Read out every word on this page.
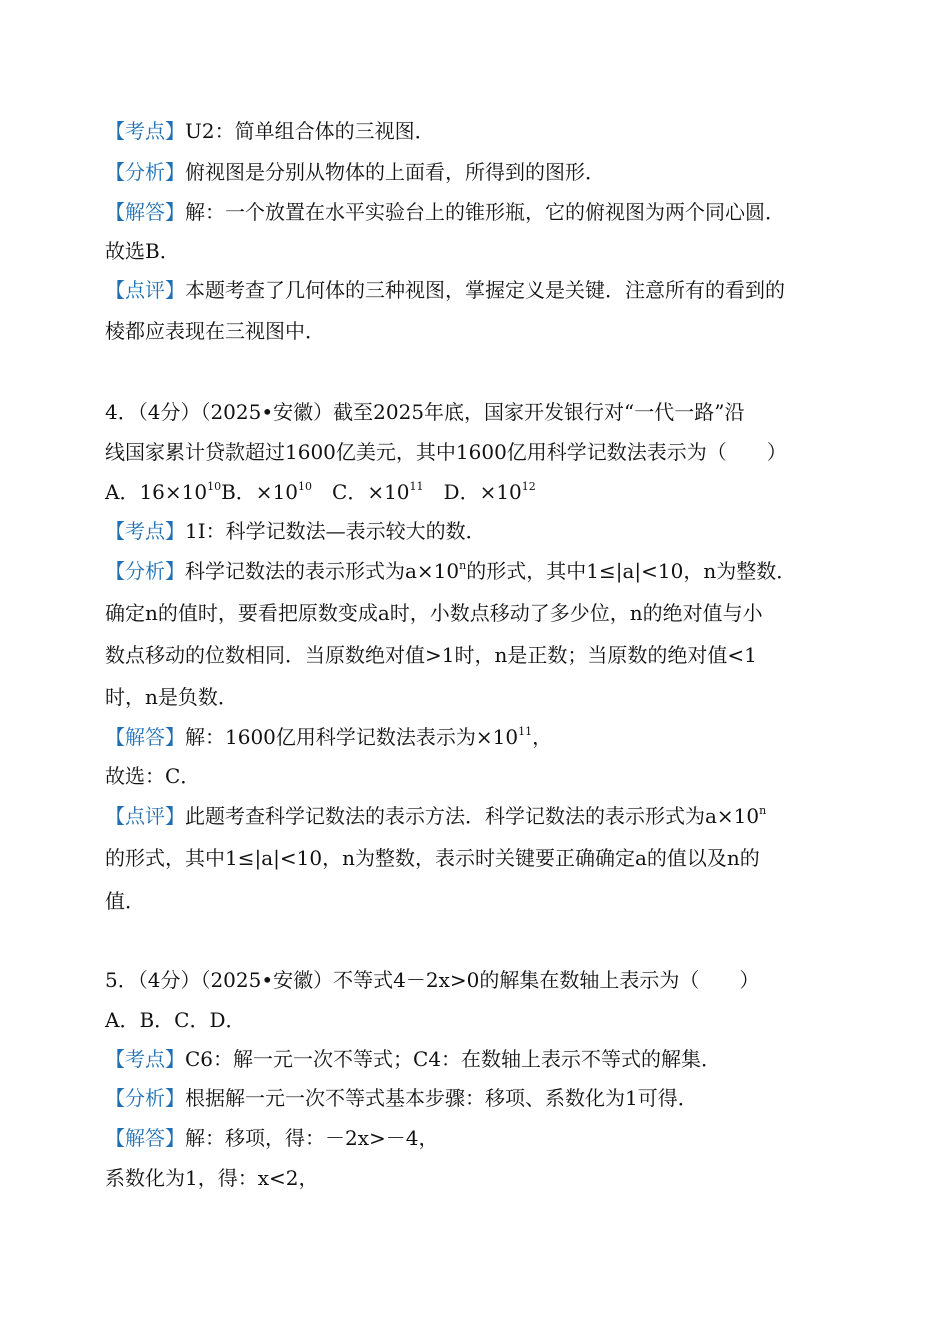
【考点】U2：简单组合体的三视图．
【分析】俯视图是分别从物体的上面看，所得到的图形．
【解答】解：一个放置在水平实验台上的锥形瓶，它的俯视图为两个同心圆．
故选B．
【点评】本题考查了几何体的三种视图，掌握定义是关键．注意所有的看到的
棱都应表现在三视图中．
4．（4分）（2025•安徽）截至2025年底，国家开发银行对“一代一路”沿
线国家累计贷款超过1600亿美元，其中1600亿用科学记数法表示为（　　）
A．$16\times 10^{10}B$．$\times 10^{10}$　C．$\times 10^{11}$　D．$\times 10^{12}$
【考点】1I：科学记数法—表示较大的数．
【分析】科学记数法的表示形式为$a\times 10^n$的形式，其中1≤|a|<10，n为整数．
确定n的值时，要看把原数变成a时，小数点移动了多少位，n的绝对值与小
数点移动的位数相同．当原数绝对值>1时，n是正数；当原数的绝对值<1
时，n是负数．
【解答】解：1600亿用科学记数法表示为$\times 10^{11}$，
故选：C．
【点评】此题考查科学记数法的表示方法．科学记数法的表示形式为$a\times 10^n$
的形式，其中1≤|a|<10，n为整数，表示时关键要正确确定a的值以及n的
值．
5．（4分）（2025•安徽）不等式4－2x>0的解集在数轴上表示为（　　）
A．B．C．D．
【考点】C6：解一元一次不等式；C4：在数轴上表示不等式的解集．
【分析】根据解一元一次不等式基本步骤：移项、系数化为1可得．
【解答】解：移项，得：－2x>－4，
系数化为1，得：x<2，
